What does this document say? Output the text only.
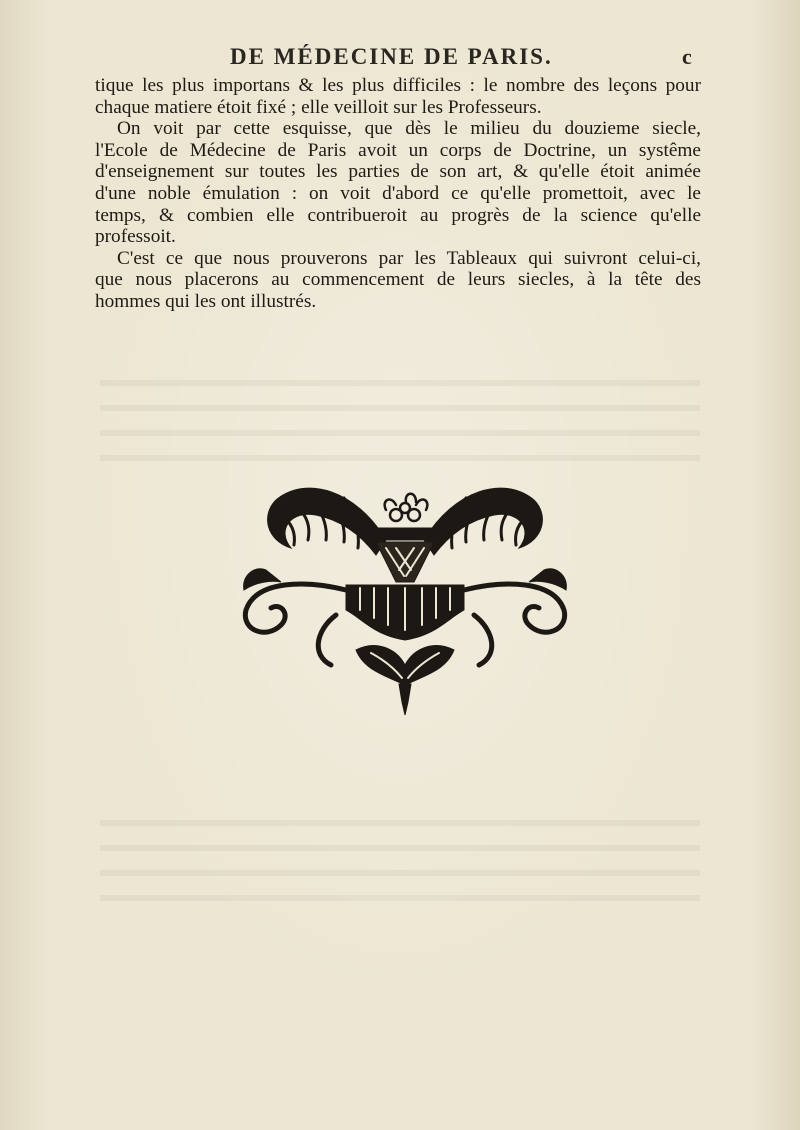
DE MÉDECINE DE PARIS.	c

tique les plus importans & les plus difficiles : le nombre des leçons pour
chaque matiere étoit fixé ; elle veilloit sur les Professeurs.

On voit par cette esquisse, que dès le milieu du douzieme siecle,
l'Ecole de Médecine de Paris avoit un corps de Doctrine, un systême
d'enseignement sur toutes les parties de son art, & qu'elle étoit animée
d'une noble émulation : on voit d'abord ce qu'elle promettoit, avec le
temps, & combien elle contribueroit au progrès de la science qu'elle
professoit.

C'est ce que nous prouverons par les Tableaux qui suivront celui-ci,
que nous placerons au commencement de leurs siecles, à la tête des
hommes qui les ont illustrés.
